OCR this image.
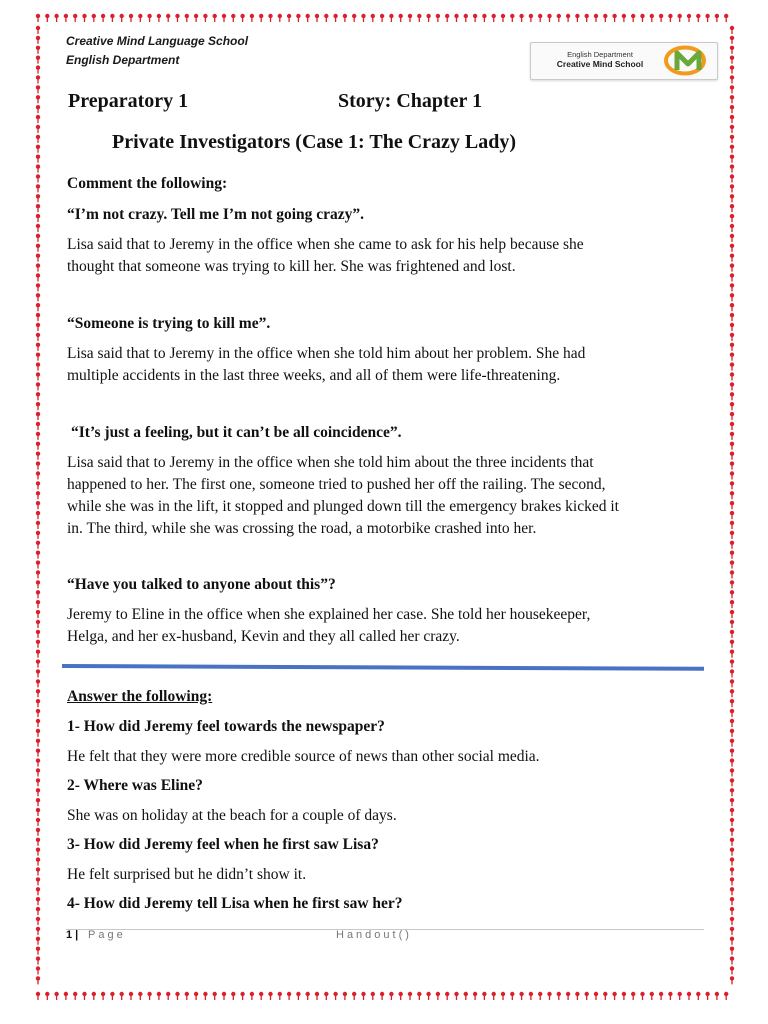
Creative Mind Language School
English Department	English Department
Creative Mind School
Preparatory 1	Story: Chapter 1
Private Investigators (Case 1: The Crazy Lady)

Comment the following:

“I’m not crazy. Tell me I’m not going crazy”.

Lisa said that to Jeremy in the office when she came to ask for his help because she

thought that someone was trying to kill her. She was frightened and lost.

“Someone is trying to kill me”.

Lisa said that to Jeremy in the office when she told him about her problem. She had

multiple accidents in the last three weeks, and all of them were life-threatening.

“It’s just a feeling, but it can’t be all coincidence”.

Lisa said that to Jeremy in the office when she told him about the three incidents that

happened to her. The first one, someone tried to pushed her off the railing. The second,

while she was in the lift, it stopped and plunged down till the emergency brakes kicked it

in. The third, while she was crossing the road, a motorbike crashed into her.

“Have you talked to anyone about this”?

Jeremy to Eline in the office when she explained her case. She told her housekeeper,

Helga, and her ex-husband, Kevin and they all called her crazy.

Answer the following:

1- How did Jeremy feel towards the newspaper?

He felt that they were more credible source of news than other social media.

2- Where was Eline?

She was on holiday at the beach for a couple of days.

3- How did Jeremy feel when he first saw Lisa?

He felt surprised but he didn’t show it.

4- How did Jeremy tell Lisa when he first saw her?

1 | Page	Handout()
